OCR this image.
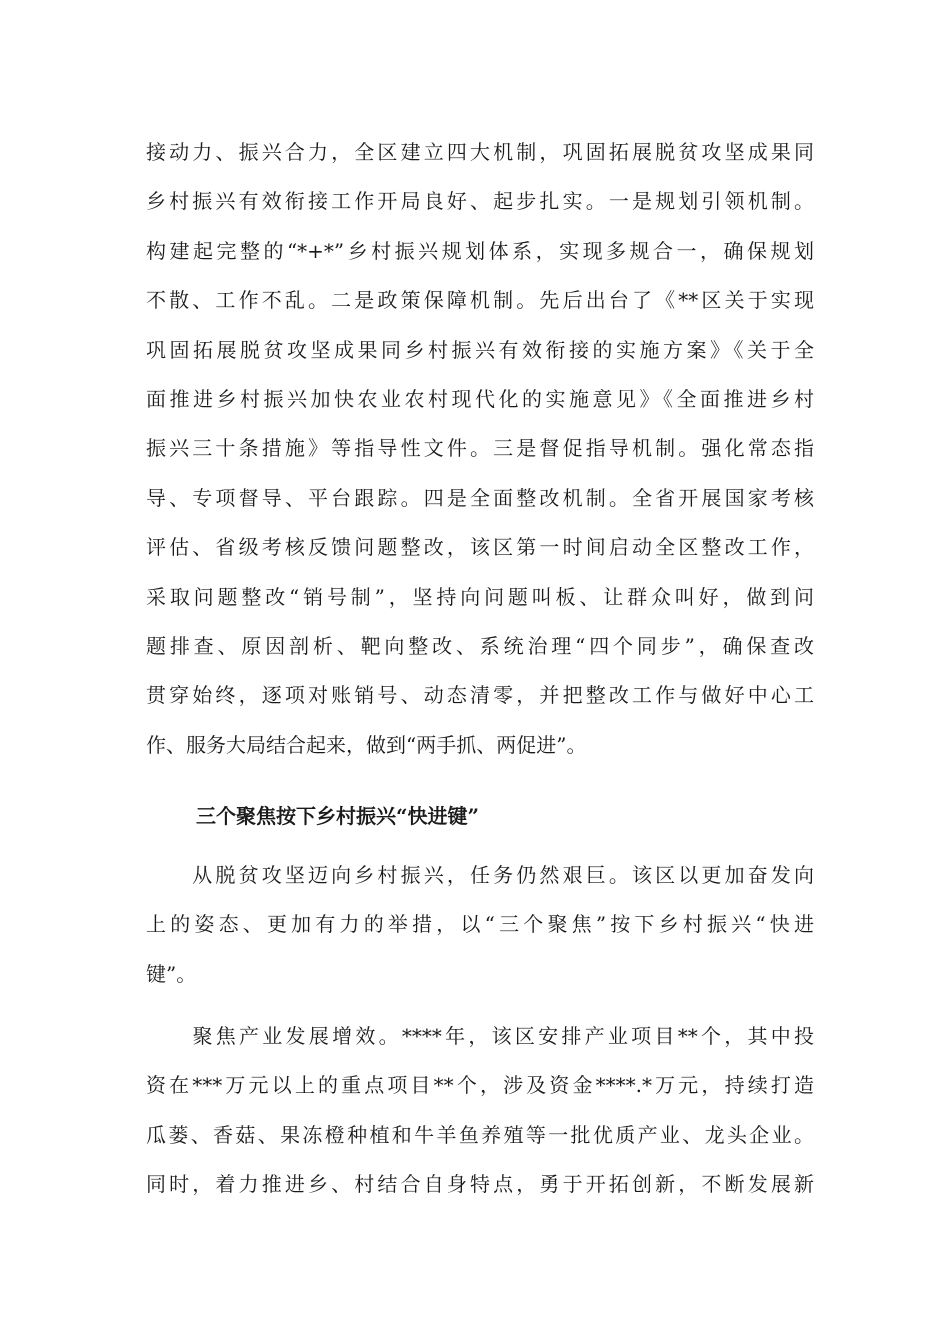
接动力、振兴合力，全区建立四大机制，巩固拓展脱贫攻坚成果同
乡村振兴有效衔接工作开局良好、起步扎实。一是规划引领机制。
构建起完整的“*+*”乡村振兴规划体系，实现多规合一，确保规划
不散、工作不乱。二是政策保障机制。先后出台了《**区关于实现
巩固拓展脱贫攻坚成果同乡村振兴有效衔接的实施方案》《关于全
面推进乡村振兴加快农业农村现代化的实施意见》《全面推进乡村
振兴三十条措施》等指导性文件。三是督促指导机制。强化常态指
导、专项督导、平台跟踪。四是全面整改机制。全省开展国家考核
评估、省级考核反馈问题整改，该区第一时间启动全区整改工作，
采取问题整改“销号制”，坚持向问题叫板、让群众叫好，做到问
题排查、原因剖析、靶向整改、系统治理“四个同步”，确保查改
贯穿始终，逐项对账销号、动态清零，并把整改工作与做好中心工
作、服务大局结合起来，做到“两手抓、两促进”。
三个聚焦按下乡村振兴“快进键”
　　从脱贫攻坚迈向乡村振兴，任务仍然艰巨。该区以更加奋发向
上的姿态、更加有力的举措，以“三个聚焦”按下乡村振兴“快进
键”。
　　聚焦产业发展增效。****年，该区安排产业项目**个，其中投
资在***万元以上的重点项目**个，涉及资金****.*万元，持续打造
瓜蒌、香菇、果冻橙种植和牛羊鱼养殖等一批优质产业、龙头企业。
同时，着力推进乡、村结合自身特点，勇于开拓创新，不断发展新
